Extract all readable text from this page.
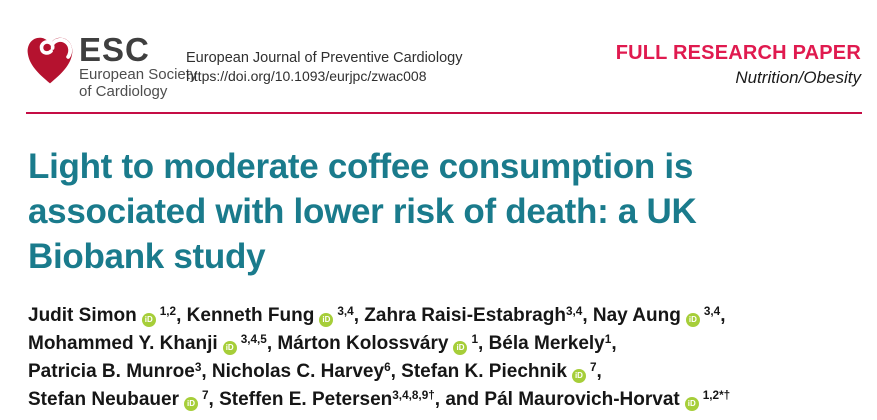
ESC
European Society
of Cardiology
European Journal of Preventive Cardiology
https://doi.org/10.1093/eurjpc/zwac008
FULL RESEARCH PAPER
Nutrition/Obesity
Light to moderate coffee consumption is
associated with lower risk of death: a UK
Biobank study
Judit Simon iD$^{1,2}$, Kenneth Fung iD$^{3,4}$, Zahra Raisi-Estabragh$^{3,4}$, Nay Aung iD$^{3,4}$,
Mohammed Y. Khanji iD$^{3,4,5}$, Márton Kolossváry $iD^1$, Béla Merkely$^1$,
Patricia B. Munroe$^3$, Nicholas C. Harvey$^6$, Stefan K. Piechnik $iD^7$,
Stefan Neubauer $iD^7$, Steffen E. Petersen$^{3,4,8,9\dagger}$, and Pál Maurovich-Horvat $iD^{1,2*\dagger}$
